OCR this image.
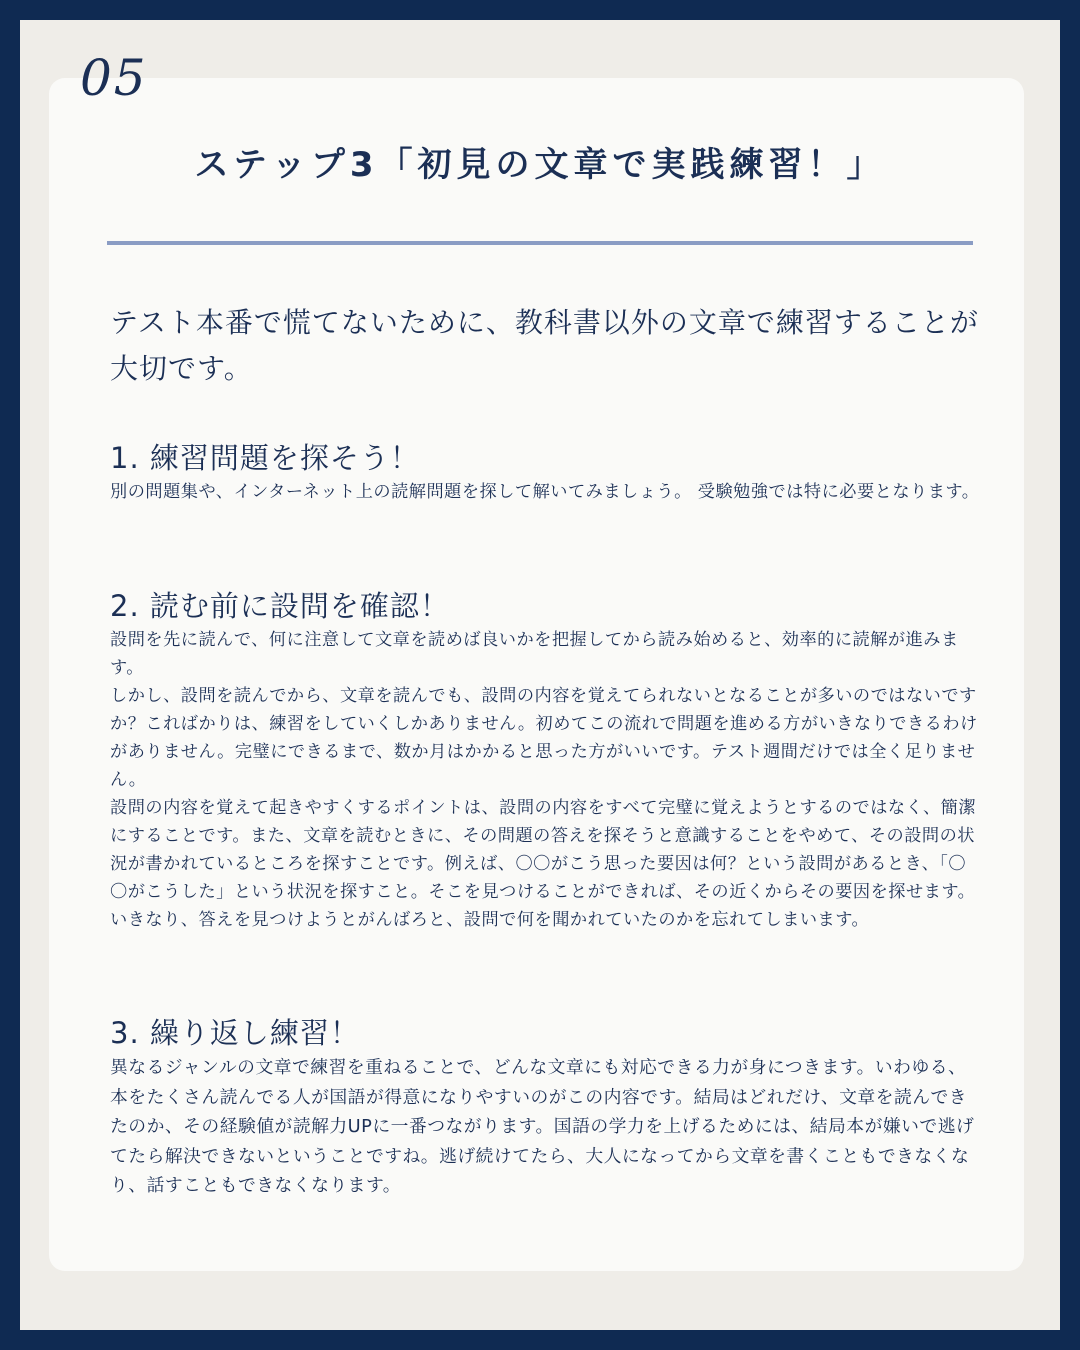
05
ステップ3「初見の文章で実践練習！」
テスト本番で慌てないために、教科書以外の文章で練習することが大切です。
1. 練習問題を探そう！

別の問題集や、インターネット上の読解問題を探して解いてみましょう。 受験勉強では特に必要となります。

2. 読む前に設問を確認！

設問を先に読んで、何に注意して文章を読めば良いかを把握してから読み始めると、効率的に読解が進みます。

しかし、設問を読んでから、文章を読んでも、設問の内容を覚えてられないとなることが多いのではないですか？こればかりは、練習をしていくしかありません。初めてこの流れで問題を進める方がいきなりできるわけがありません。完璧にできるまで、数か月はかかると思った方がいいです。テスト週間だけでは全く足りません。

設問の内容を覚えて起きやすくするポイントは、設問の内容をすべて完璧に覚えようとするのではなく、簡潔にすることです。また、文章を読むときに、その問題の答えを探そうと意識することをやめて、その設問の状況が書かれているところを探すことです。例えば、〇〇がこう思った要因は何？という設問があるとき、「〇〇がこうした」という状況を探すこと。そこを見つけることができれば、その近くからその要因を探せます。いきなり、答えを見つけようとがんばろと、設問で何を聞かれていたのかを忘れてしまいます。

3. 繰り返し練習！

異なるジャンルの文章で練習を重ねることで、どんな文章にも対応できる力が身につきます。いわゆる、本をたくさん読んでる人が国語が得意になりやすいのがこの内容です。結局はどれだけ、文章を読んできたのか、その経験値が読解力UPに一番つながります。国語の学力を上げるためには、結局本が嫌いで逃げてたら解決できないということですね。逃げ続けてたら、大人になってから文章を書くこともできなくなり、話すこともできなくなります。
